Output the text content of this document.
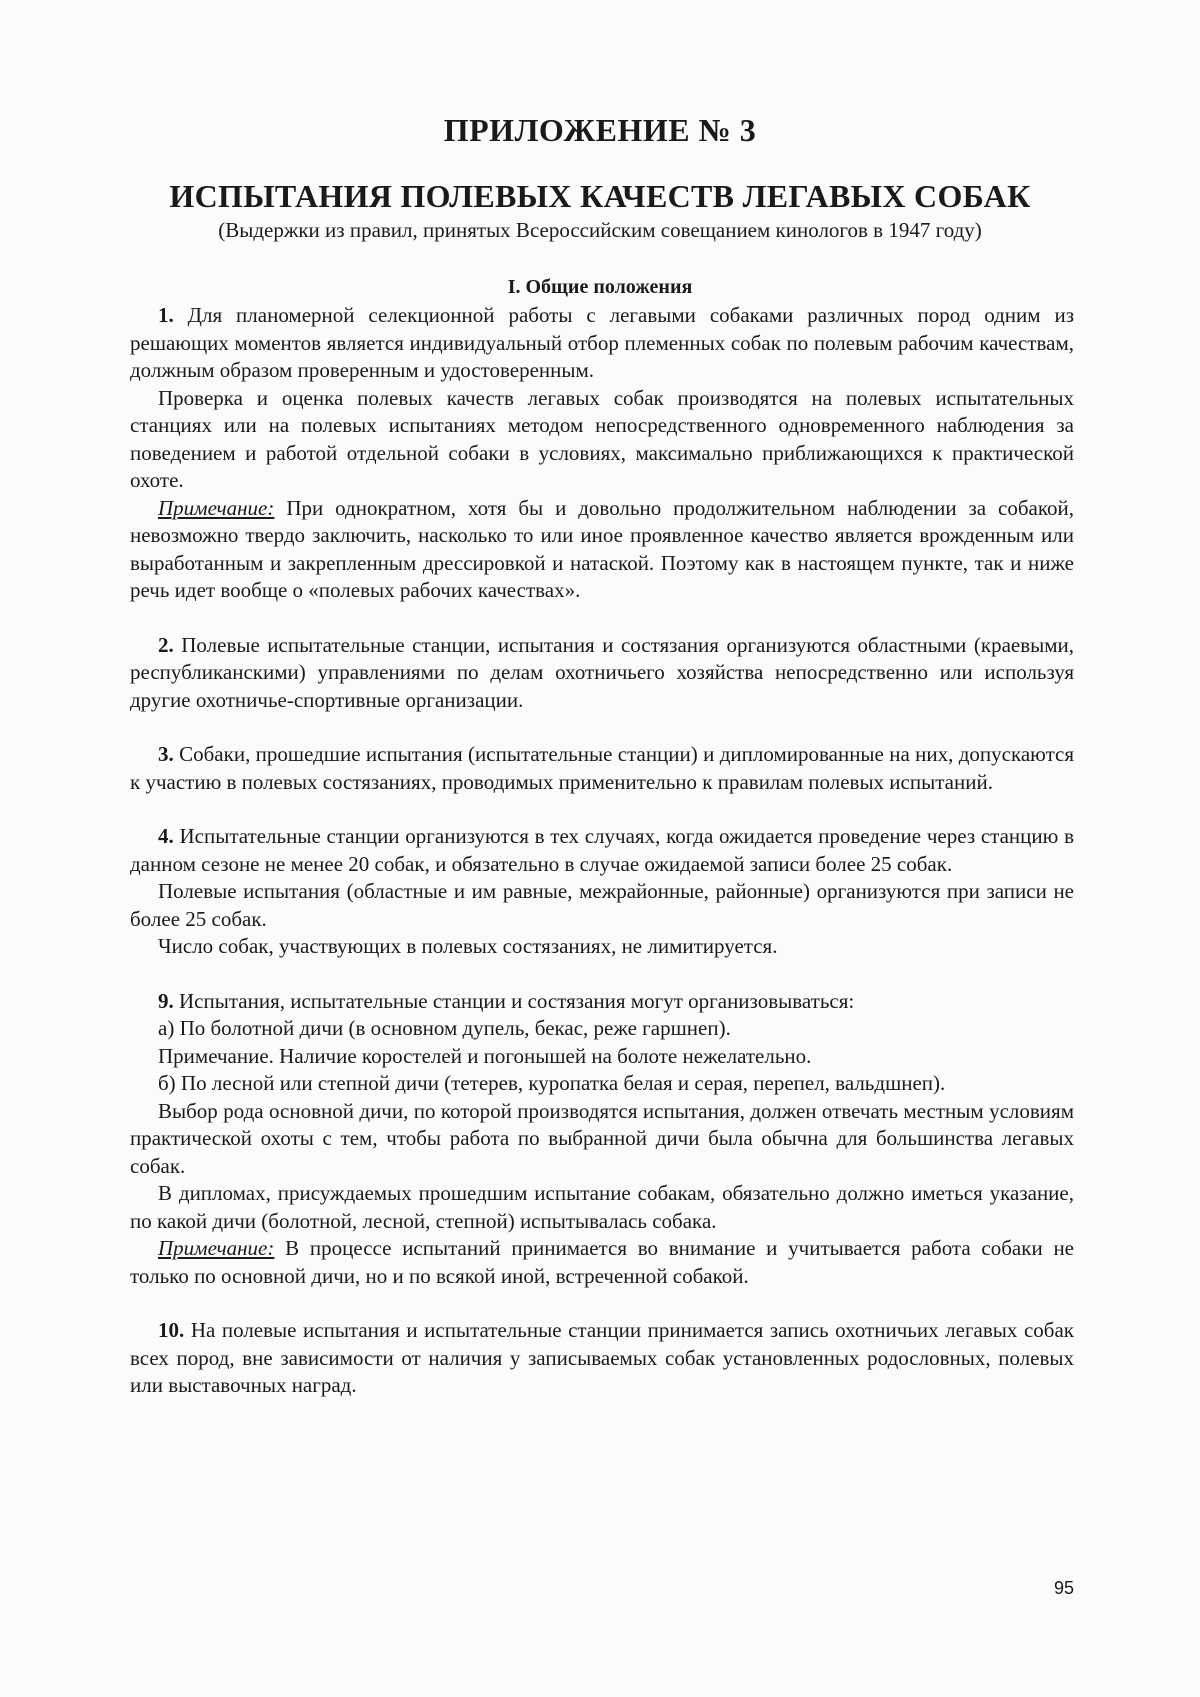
ПРИЛОЖЕНИЕ № 3
ИСПЫТАНИЯ ПОЛЕВЫХ КАЧЕСТВ ЛЕГАВЫХ СОБАК

(Выдержки из правил, принятых Всероссийским совещанием кинологов в 1947 году)

I. Общие положения

1. Для планомерной селекционной работы с легавыми собаками различных пород одним из решающих моментов является индивидуальный отбор племенных собак по полевым рабочим качествам, должным образом проверенным и удостоверенным.

Проверка и оценка полевых качеств легавых собак производятся на полевых испытательных станциях или на полевых испытаниях методом непосредственного одновременного наблюдения за поведением и работой отдельной собаки в условиях, максимально приближающихся к практической охоте.

Примечание: При однократном, хотя бы и довольно продолжительном наблюдении за собакой, невозможно твердо заключить, насколько то или иное проявленное качество является врожденным или выработанным и закрепленным дрессировкой и натаской. Поэтому как в настоящем пункте, так и ниже речь идет вообще о «полевых рабочих качествах».

2. Полевые испытательные станции, испытания и состязания организуются областными (краевыми, республиканскими) управлениями по делам охотничьего хозяйства непосредственно или используя другие охотничье-спортивные организации.

3. Собаки, прошедшие испытания (испытательные станции) и дипломированные на них, допускаются к участию в полевых состязаниях, проводимых применительно к правилам полевых испытаний.

4. Испытательные станции организуются в тех случаях, когда ожидается проведение через станцию в данном сезоне не менее 20 собак, и обязательно в случае ожидаемой записи более 25 собак.

Полевые испытания (областные и им равные, межрайонные, районные) организуются при записи не более 25 собак.

Число собак, участвующих в полевых состязаниях, не лимитируется.

9. Испытания, испытательные станции и состязания могут организовываться:

а) По болотной дичи (в основном дупель, бекас, реже гаршнеп).

Примечание. Наличие коростелей и погонышей на болоте нежелательно.

б) По лесной или степной дичи (тетерев, куропатка белая и серая, перепел, вальдшнеп).

Выбор рода основной дичи, по которой производятся испытания, должен отвечать местным условиям практической охоты с тем, чтобы работа по выбранной дичи была обычна для большинства легавых собак.

В дипломах, присуждаемых прошедшим испытание собакам, обязательно должно иметься указание, по какой дичи (болотной, лесной, степной) испытывалась собака.

Примечание: В процессе испытаний принимается во внимание и учитывается работа собаки не только по основной дичи, но и по всякой иной, встреченной собакой.

10. На полевые испытания и испытательные станции принимается запись охотничьих легавых собак всех пород, вне зависимости от наличия у записываемых собак установленных родословных, полевых или выставочных наград.

95
